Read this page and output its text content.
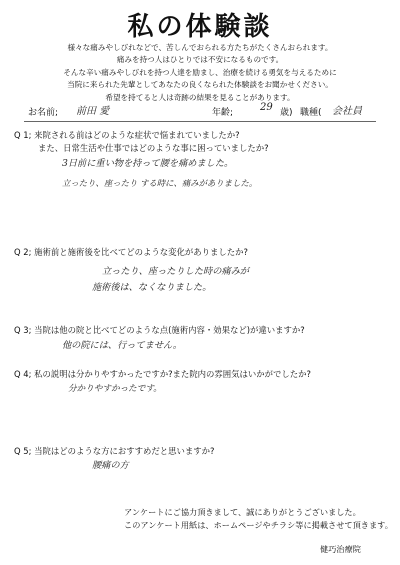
私の体験談
様々な痛みやしびれなどで、苦しんでおられる方たちがたくさんおられます。
痛みを持つ人はひとりでは不安になるものです。
そんな辛い痛みやしびれを持つ人達を励まし、治療を続ける勇気を与えるために
当院に来られた先輩としてあなたの良くなられた体験談をお聞かせください。
希望を持てると人は奇跡の結果を見ることがあります。
お名前; 前田 愛	年齢;	29 歳) 職種( 会社員
Q 1; 来院される前はどのような症状で悩まれていましたか?
また、日常生活や仕事ではどのような事に困っていましたか?
3日前に重い物を持って腰を痛めました。
立ったり、座ったり する時に、痛みがありました。
Q 2; 施術前と施術後を比べてどのような変化がありましたか?
立ったり、座ったりした時の痛みが
施術後は、なくなりました。
Q 3; 当院は他の院と比べてどのような点(施術内容・効果など)が違いますか?
他の院には、行ってません。
Q 4; 私の説明は分かりやすかったですか?また院内の雰囲気はいかがでしたか?
分かりやすかったです。
Q 5; 当院はどのような方におすすめだと思いますか?
腰痛の方
アンケートにご協力頂きまして、誠にありがとうございました。
このアンケート用紙は、ホームページやチラシ等に掲載させて頂きます。
健巧治療院
